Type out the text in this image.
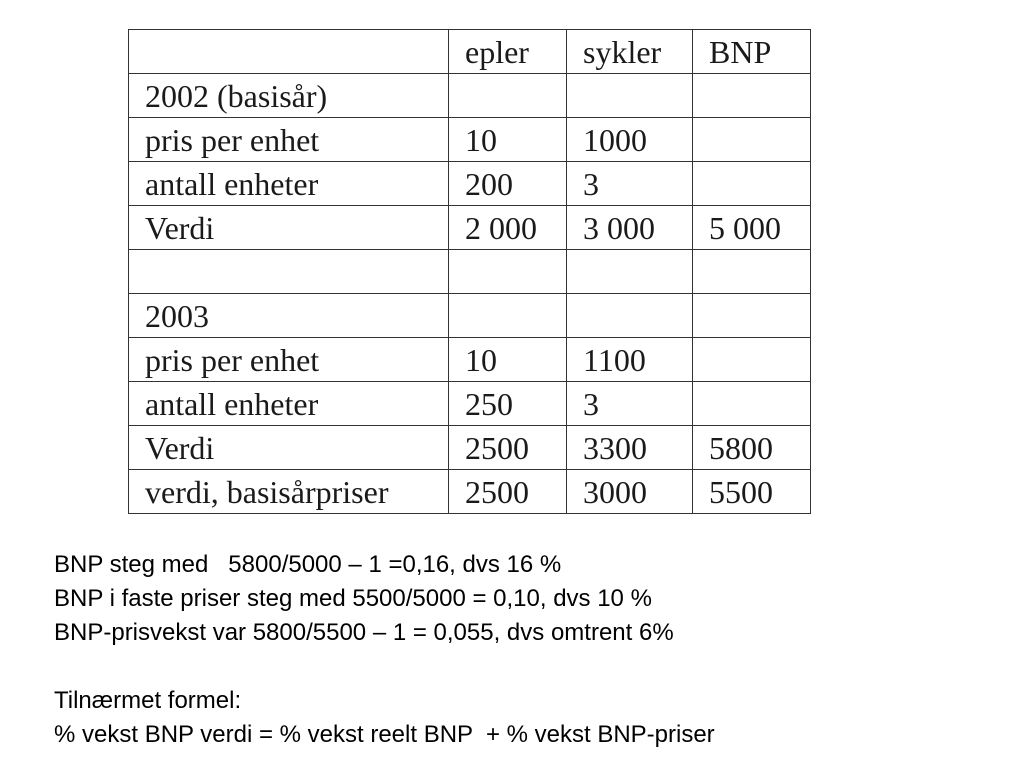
	epler	sykler	BNP
2002 (basisår)			
pris per enhet	10	1000	
antall enheter	200	3	
Verdi	2 000	3 000	5 000

2003			
pris per enhet	10	1100	
antall enheter	250	3	
Verdi	2500	3300	5800
verdi, basisårpriser	2500	3000	5500
BNP steg med   5800/5000 – 1 =0,16, dvs 16 %
BNP i faste priser steg med 5500/5000 = 0,10, dvs 10 %
BNP-prisvekst var 5800/5500 – 1 = 0,055, dvs omtrent 6%
Tilnærmet formel:
% vekst BNP verdi = % vekst reelt BNP  + % vekst BNP-priser
